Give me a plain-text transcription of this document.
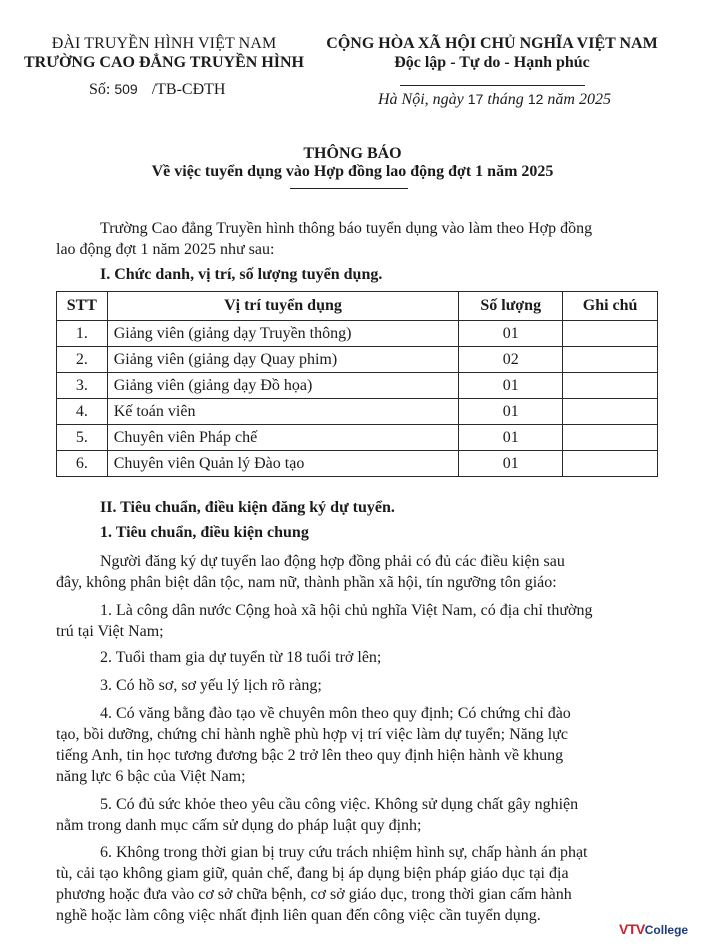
ĐÀI TRUYỀN HÌNH VIỆT NAM
TRƯỜNG CAO ĐẲNG TRUYỀN HÌNH
CỘNG HÒA XÃ HỘI CHỦ NGHĨA VIỆT NAM
Độc lập - Tự do - Hạnh phúc
Số: 509 /TB-CĐTH
Hà Nội, ngày 17 tháng 12 năm 2025
THÔNG BÁO
Về việc tuyển dụng vào Hợp đồng lao động đợt 1 năm 2025
Trường Cao đẳng Truyền hình thông báo tuyển dụng vào làm theo Hợp đồng
lao động đợt 1 năm 2025 như sau:
I. Chức danh, vị trí, số lượng tuyển dụng.
STT	Vị trí tuyển dụng	Số lượng	Ghi chú
1.	Giảng viên (giảng dạy Truyền thông)	01	
2.	Giảng viên (giảng dạy Quay phim)	02	
3.	Giảng viên (giảng dạy Đồ họa)	01	
4.	Kế toán viên	01	
5.	Chuyên viên Pháp chế	01	
6.	Chuyên viên Quản lý Đào tạo	01	
II. Tiêu chuẩn, điều kiện đăng ký dự tuyển.
1. Tiêu chuẩn, điều kiện chung
Người đăng ký dự tuyển lao động hợp đồng phải có đủ các điều kiện sau
đây, không phân biệt dân tộc, nam nữ, thành phần xã hội, tín ngưỡng tôn giáo:
1. Là công dân nước Cộng hoà xã hội chủ nghĩa Việt Nam, có địa chỉ thường
trú tại Việt Nam;
2. Tuổi tham gia dự tuyển từ 18 tuổi trở lên;
3. Có hồ sơ, sơ yếu lý lịch rõ ràng;
4. Có văng bằng đào tạo về chuyên môn theo quy định; Có chứng chỉ đào
tạo, bồi dưỡng, chứng chỉ hành nghề phù hợp vị trí việc làm dự tuyển; Năng lực
tiếng Anh, tin học tương đương bậc 2 trở lên theo quy định hiện hành về khung
năng lực 6 bậc của Việt Nam;
5. Có đủ sức khỏe theo yêu cầu công việc. Không sử dụng chất gây nghiện
nằm trong danh mục cấm sử dụng do pháp luật quy định;
6. Không trong thời gian bị truy cứu trách nhiệm hình sự, chấp hành án phạt
tù, cải tạo không giam giữ, quản chế, đang bị áp dụng biện pháp giáo dục tại địa
phương hoặc đưa vào cơ sở chữa bệnh, cơ sở giáo dục, trong thời gian cấm hành
nghề hoặc làm công việc nhất định liên quan đến công việc cần tuyển dụng.
VTVCollege
